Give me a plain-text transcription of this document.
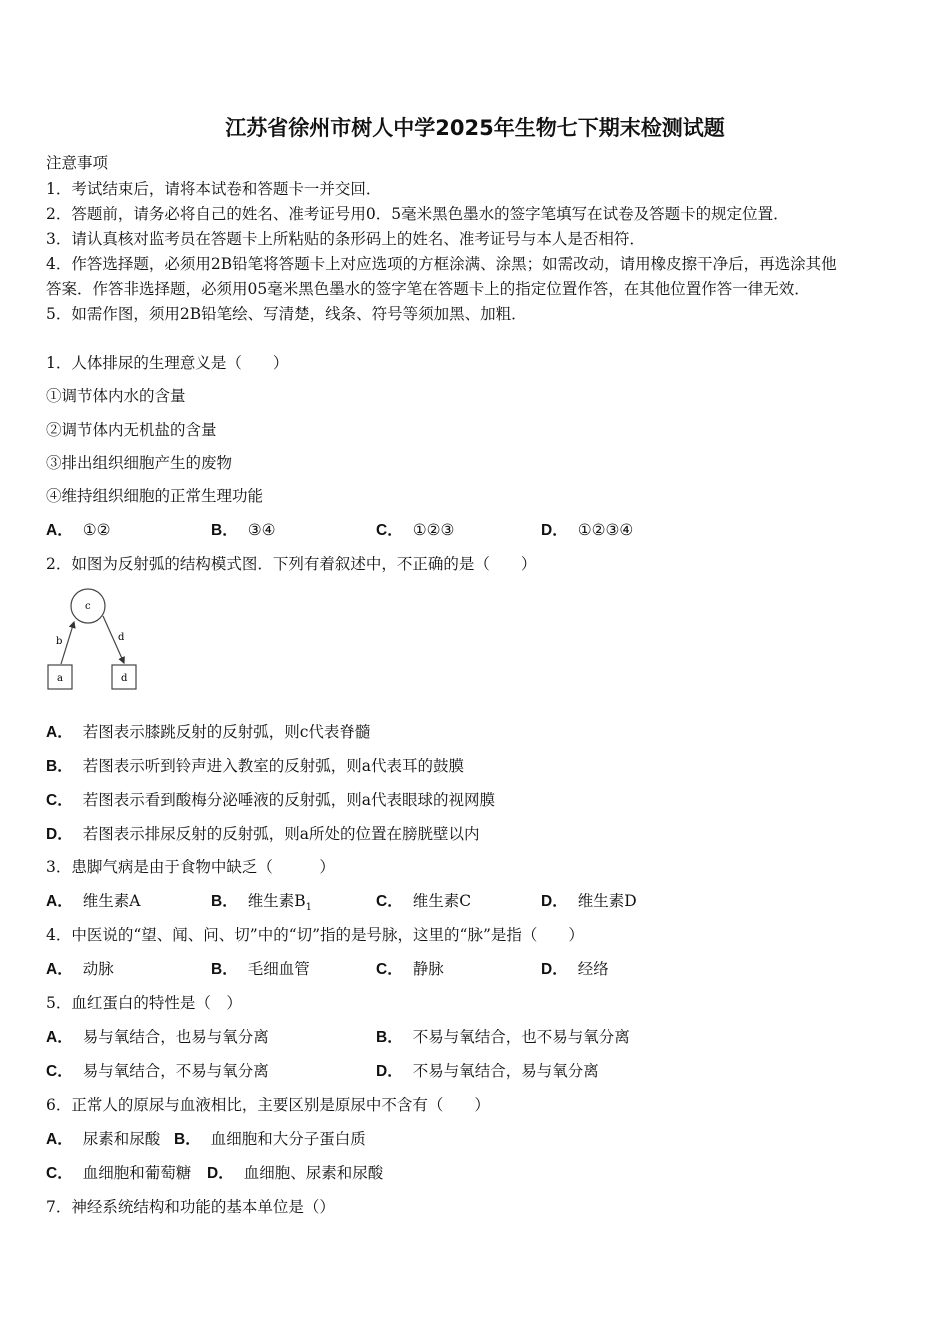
江苏省徐州市树人中学2025年生物七下期末检测试题
注意事项
1．考试结束后，请将本试卷和答题卡一并交回．
2．答题前，请务必将自己的姓名、准考证号用0．5毫米黑色墨水的签字笔填写在试卷及答题卡的规定位置．
3．请认真核对监考员在答题卡上所粘贴的条形码上的姓名、准考证号与本人是否相符．
4．作答选择题，必须用2B铅笔将答题卡上对应选项的方框涂满、涂黑；如需改动，请用橡皮擦干净后，再选涂其他
答案．作答非选择题，必须用05毫米黑色墨水的签字笔在答题卡上的指定位置作答，在其他位置作答一律无效．
5．如需作图，须用2B铅笔绘、写清楚，线条、符号等须加黑、加粗．
1．人体排尿的生理意义是（　　）
①调节体内水的含量
②调节体内无机盐的含量
③排出组织细胞产生的废物
④维持组织细胞的正常生理功能
A． ①②	B． ③④	C． ①②③	D． ①②③④
2．如图为反射弧的结构模式图．下列有着叙述中，不正确的是（　　）
c
b	d
a	d
A． 若图表示膝跳反射的反射弧，则c代表脊髓
B． 若图表示听到铃声进入教室的反射弧，则a代表耳的鼓膜
C． 若图表示看到酸梅分泌唾液的反射弧，则a代表眼球的视网膜
D． 若图表示排尿反射的反射弧，则a所处的位置在膀胱壁以内
3．患脚气病是由于食物中缺乏（　　　）
A． 维生素A	B． 维生素$B_1$	C． 维生素C	D． 维生素D
4．中医说的“望、闻、问、切”中的“切”指的是号脉，这里的“脉”是指（　　）
A． 动脉	B． 毛细血管	C． 静脉	D． 经络
5．血红蛋白的特性是（　）
A． 易与氧结合，也易与氧分离	B． 不易与氧结合，也不易与氧分离
C． 易与氧结合，不易与氧分离	D． 不易与氧结合，易与氧分离
6．正常人的原尿与血液相比，主要区别是原尿中不含有（　　）
A． 尿素和尿酸 B． 血细胞和大分子蛋白质
C． 血细胞和葡萄糖 D． 血细胞、尿素和尿酸
7．神经系统结构和功能的基本单位是（）
